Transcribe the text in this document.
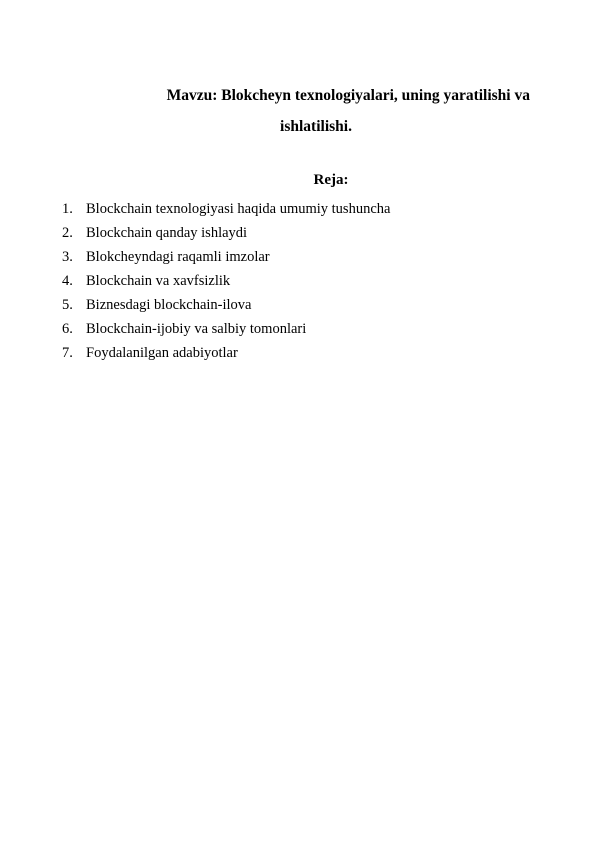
Mavzu: Blokcheyn texnologiyalari, uning yaratilishi va
ishlatilishi.
Reja:
1. Blockchain texnologiyasi haqida umumiy tushuncha
2. Blockchain qanday ishlaydi
3. Blokcheyndagi raqamli imzolar
4. Blockchain va xavfsizlik
5. Biznesdagi blockchain-ilova
6. Blockchain-ijobiy va salbiy tomonlari
7. Foydalanilgan adabiyotlar
